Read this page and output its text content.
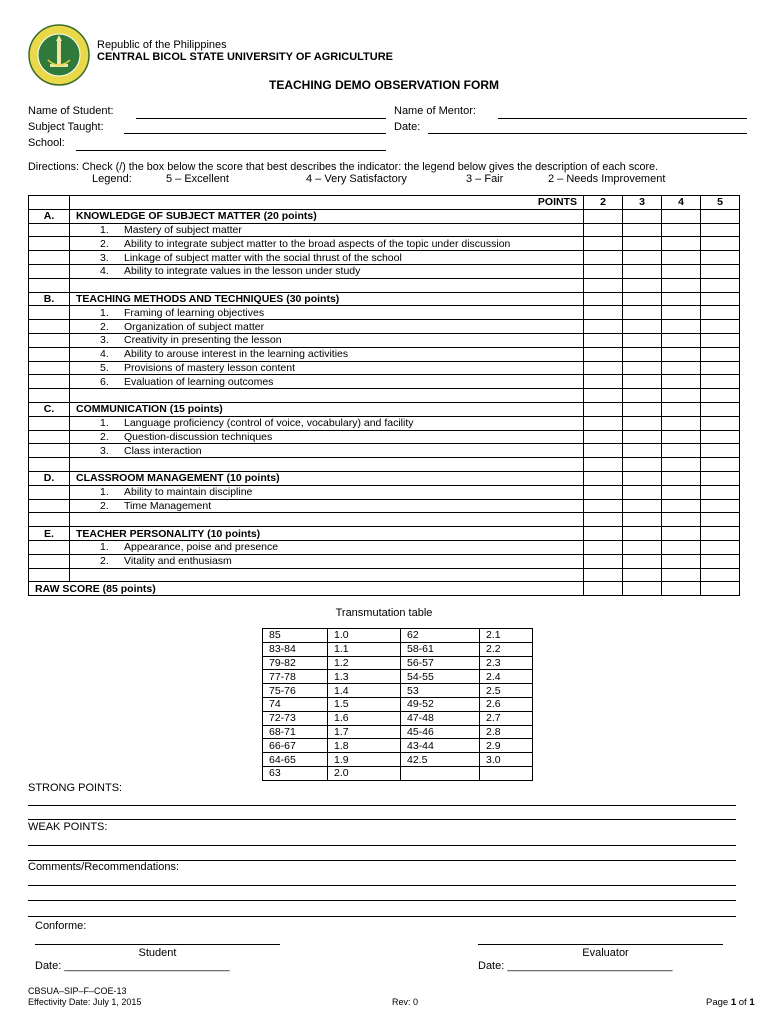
Republic of the Philippines
CENTRAL BICOL STATE UNIVERSITY OF AGRICULTURE
TEACHING DEMO OBSERVATION FORM
Name of Student:	Name of Mentor:
Subject Taught:	Date:
School:
Directions: Check (/) the box below the score that best describes the indicator: the legend below gives the description of each score.
Legend:	5 – Excellent	4 – Very Satisfactory	3 – Fair	2 – Needs Improvement
	POINTS	2	3	4	5
A.	KNOWLEDGE OF SUBJECT MATTER (20 points)				
	1. Mastery of subject matter				
	2. Ability to integrate subject matter to the broad aspects of the topic under discussion				
	3. Linkage of subject matter with the social thrust of the school				
	4. Ability to integrate values in the lesson under study				

B.	TEACHING METHODS AND TECHNIQUES (30 points)				
	1. Framing of learning objectives				
	2. Organization of subject matter				
	3. Creativity in presenting the lesson				
	4. Ability to arouse interest in the learning activities				
	5. Provisions of mastery lesson content				
	6. Evaluation of learning outcomes				

C.	COMMUNICATION (15 points)				
	1. Language proficiency (control of voice, vocabulary) and facility				
	2. Question-discussion techniques				
	3. Class interaction				

D.	CLASSROOM MANAGEMENT (10 points)				
	1. Ability to maintain discipline				
	2. Time Management				

E.	TEACHER PERSONALITY (10 points)				
	1. Appearance, poise and presence				
	2. Vitality and enthusiasm				

RAW SCORE (85 points)					
Transmutation table
85	1.0	62	2.1
83-84	1.1	58-61	2.2
79-82	1.2	56-57	2.3
77-78	1.3	54-55	2.4
75-76	1.4	53	2.5
74	1.5	49-52	2.6
72-73	1.6	47-48	2.7
68-71	1.7	45-46	2.8
66-67	1.8	43-44	2.9
64-65	1.9	42.5	3.0
63	2.0		
STRONG POINTS:
WEAK POINTS:
Comments/Recommendations:
Conforme:
Student	Evaluator
Date: ___________________________	Date: ___________________________
CBSUA–SIP–F–COE-13
Effectivity Date: July 1, 2015	Rev: 0	Page 1 of 1
